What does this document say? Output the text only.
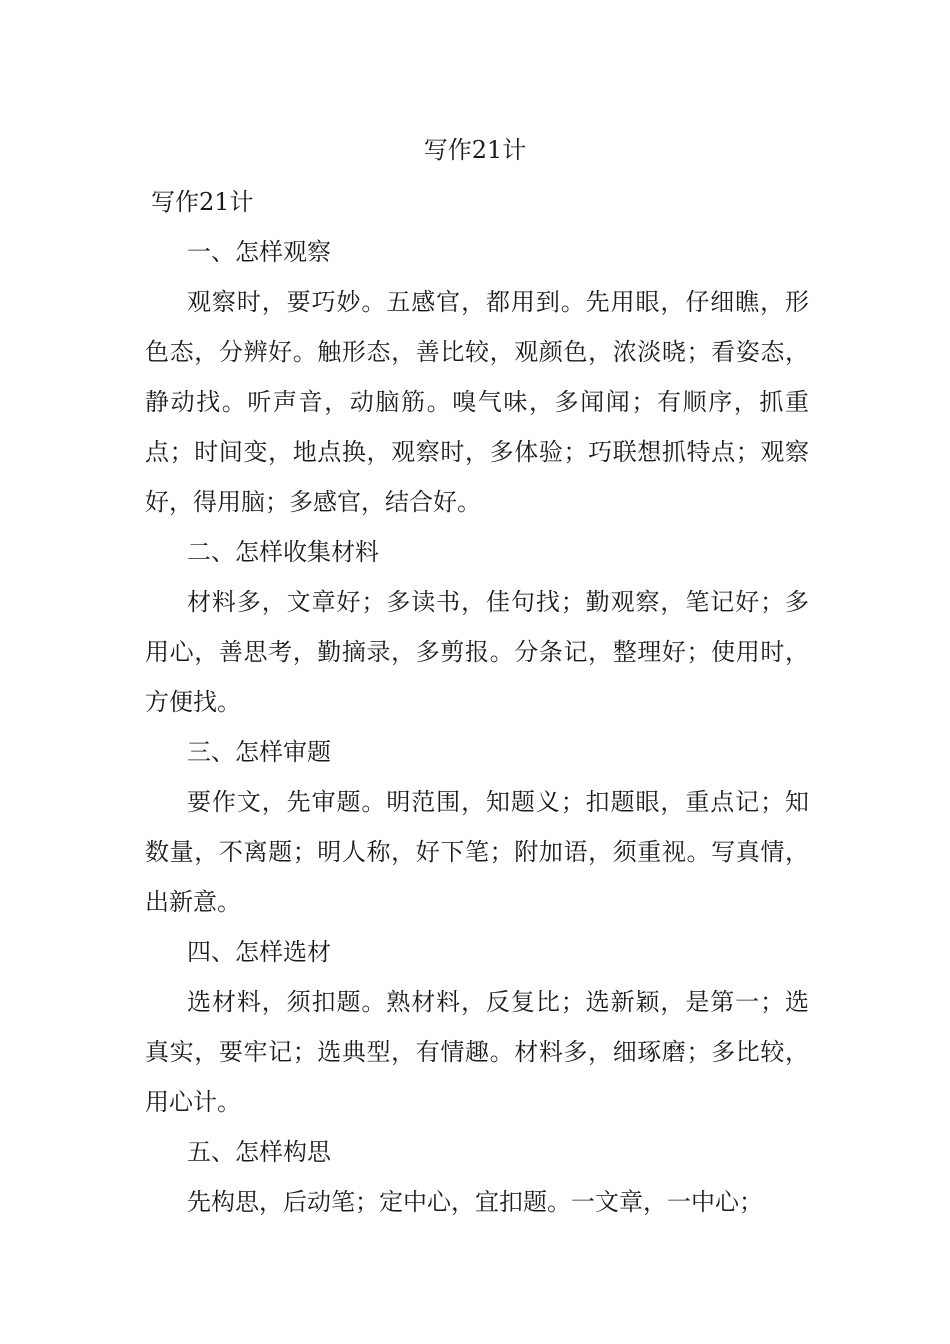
写作21计

写作21计

一、怎样观察

观察时，要巧妙。五感官，都用到。先用眼，仔细瞧，形色态，分辨好。触形态，善比较，观颜色，浓淡晓；看姿态，静动找。听声音，动脑筋。嗅气味，多闻闻；有顺序，抓重点；时间变，地点换，观察时，多体验；巧联想抓特点；观察好，得用脑；多感官，结合好。

二、怎样收集材料

材料多，文章好；多读书，佳句找；勤观察，笔记好；多用心，善思考，勤摘录，多剪报。分条记，整理好；使用时，方便找。

三、怎样审题

要作文，先审题。明范围，知题义；扣题眼，重点记；知数量，不离题；明人称，好下笔；附加语，须重视。写真情，出新意。

四、怎样选材

选材料，须扣题。熟材料，反复比；选新颖，是第一；选真实，要牢记；选典型，有情趣。材料多，细琢磨；多比较，用心计。

五、怎样构思

先构思，后动笔；定中心，宜扣题。一文章，一中心；
